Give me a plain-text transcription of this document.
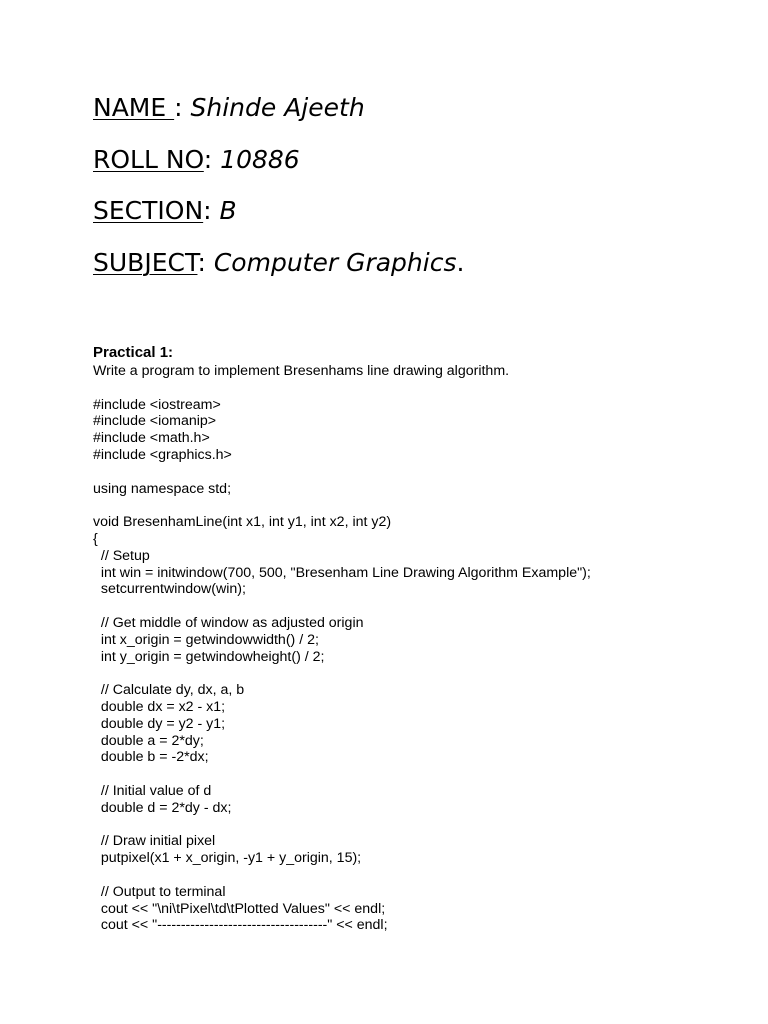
NAME : Shinde Ajeeth
ROLL NO: 10886
SECTION: B
SUBJECT: Computer Graphics.
Practical 1:
Write a program to implement Bresenhams line drawing algorithm.
#include <iostream>
#include <iomanip>
#include <math.h>
#include <graphics.h>
using namespace std;
void BresenhamLine(int x1, int y1, int x2, int y2)
{
// Setup
int win = initwindow(700, 500, "Bresenham Line Drawing Algorithm Example");
setcurrentwindow(win);
// Get middle of window as adjusted origin
int x_origin = getwindowwidth() / 2;
int y_origin = getwindowheight() / 2;
// Calculate dy, dx, a, b
double dx = x2 - x1;
double dy = y2 - y1;
double a = 2*dy;
double b = -2*dx;
// Initial value of d
double d = 2*dy - dx;
// Draw initial pixel
putpixel(x1 + x_origin, -y1 + y_origin, 15);
// Output to terminal
cout << "\ni\tPixel\td\tPlotted Values" << endl;
cout << "------------------------------------" << endl;
